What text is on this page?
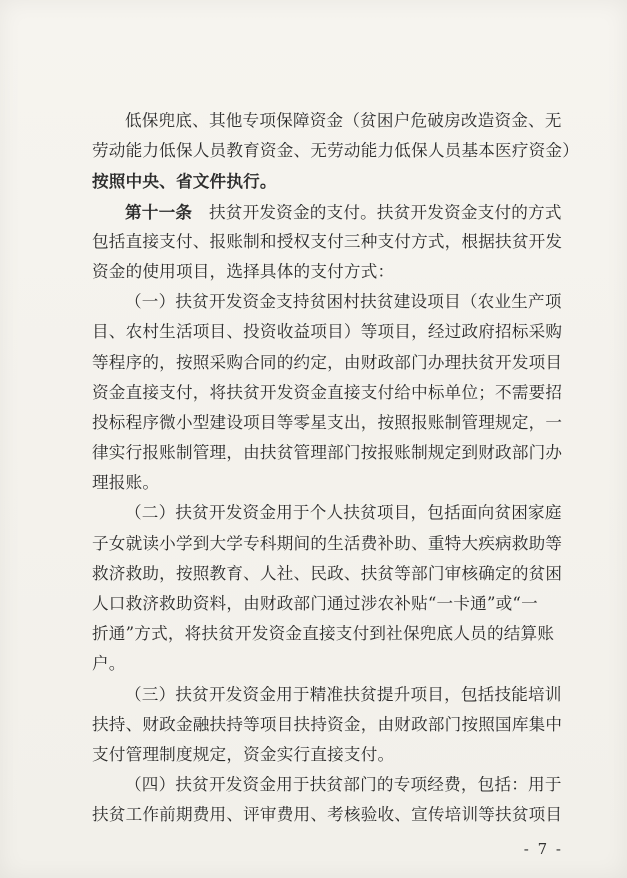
低保兜底、其他专项保障资金（贫困户危破房改造资金、无
劳动能力低保人员教育资金、无劳动能力低保人员基本医疗资金）
按照中央、省文件执行。
第十一条　扶贫开发资金的支付。扶贫开发资金支付的方式
包括直接支付、报账制和授权支付三种支付方式，根据扶贫开发
资金的使用项目，选择具体的支付方式：
（一）扶贫开发资金支持贫困村扶贫建设项目（农业生产项
目、农村生活项目、投资收益项目）等项目，经过政府招标采购
等程序的，按照采购合同的约定，由财政部门办理扶贫开发项目
资金直接支付，将扶贫开发资金直接支付给中标单位；不需要招
投标程序微小型建设项目等零星支出，按照报账制管理规定，一
律实行报账制管理，由扶贫管理部门按报账制规定到财政部门办
理报账。
（二）扶贫开发资金用于个人扶贫项目，包括面向贫困家庭
子女就读小学到大学专科期间的生活费补助、重特大疾病救助等
救济救助，按照教育、人社、民政、扶贫等部门审核确定的贫困
人口救济救助资料，由财政部门通过涉农补贴“一卡通”或“一
折通”方式，将扶贫开发资金直接支付到社保兜底人员的结算账
户。
（三）扶贫开发资金用于精准扶贫提升项目，包括技能培训
扶持、财政金融扶持等项目扶持资金，由财政部门按照国库集中
支付管理制度规定，资金实行直接支付。
（四）扶贫开发资金用于扶贫部门的专项经费，包括：用于
扶贫工作前期费用、评审费用、考核验收、宣传培训等扶贫项目
- 7 -
